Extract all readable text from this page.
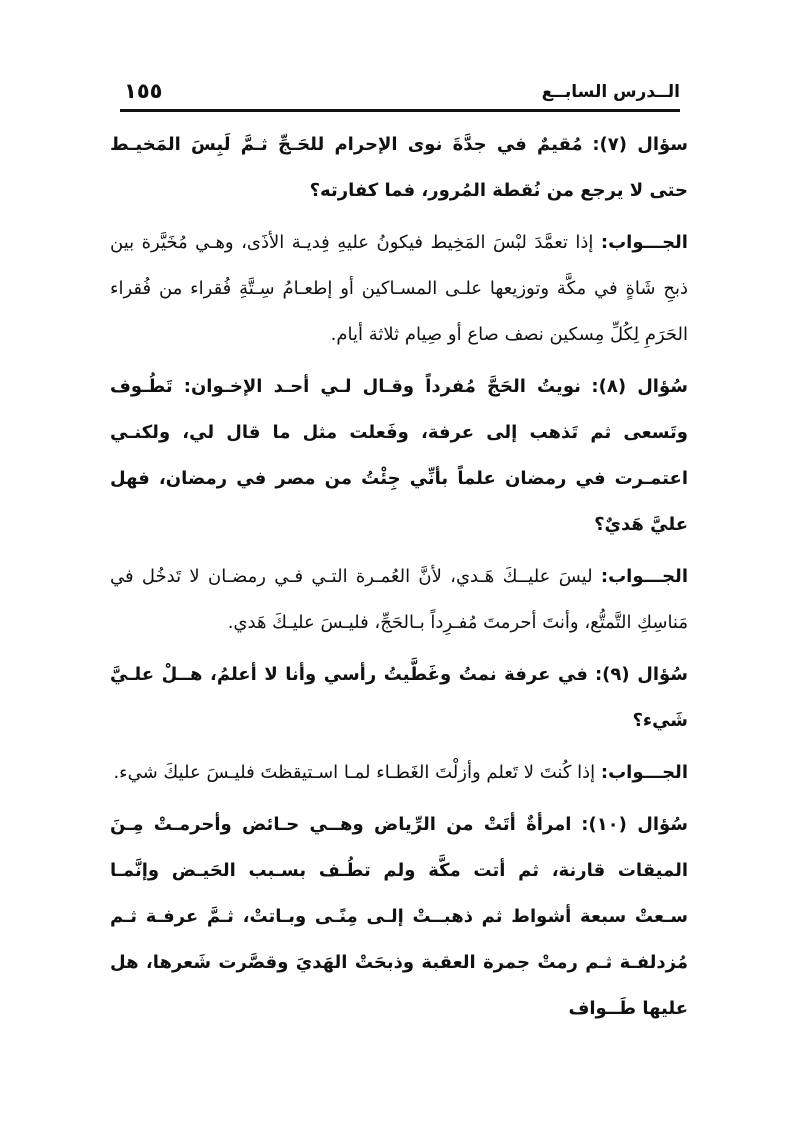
الــدرس السابــع
١٥٥

سؤال (٧): مُقيمٌ في جدَّةَ نوى الإحرام للحَـجِّ ثـمَّ لَبِسَ المَخيـط حتى لا يرجع من نُقطة المُرور، فما كفارته؟

الجـــواب: إذا تعمَّدَ لبْسَ المَخِيط فيكونُ عليهِ فِديـة الأذَى، وهـي مُخَيَّرة بين ذبحِ شَاةٍ في مكَّة وتوزيعها علـى المسـاكين أو إطعـامُ سِـتَّةِ فُقراء من فُقراء الحَرَمِ لِكُلِّ مِسكين نصف صاع أو صِيام ثلاثة أيام.

سُؤال (٨): نويتُ الحَجَّ مُفرداً وقـال لـي أحـد الإخـوان: تَطُـوف وتَسعى ثم تَذهب إلى عرفة، وفَعلت مثل ما قال لي، ولكنـي اعتمـرت في رمضان علماً بأنِّي جِئْتُ من مصر في رمضان، فهل عليَّ هَديٌ؟

الجـــواب: ليسَ عليــكَ هَـدي، لأنَّ العُمـرة التـي فـي رمضـان لا تَدخُل في مَناسِكِ التَّمتُّع، وأنتَ أحرمتَ مُفـرِداً بـالحَجِّ، فليـسَ عليـكَ هَدي.

سُؤال (٩): في عرفة نمتُ وغَطَّيتُ رأسي وأنا لا أعلمُ، هــلْ علـيَّ شَيء؟

الجـــواب: إذا كُنتَ لا تَعلم وأزلْتَ الغَطـاء لمـا اسـتيقظتَ فليـسَ عليكَ شيء.

سُؤال (١٠): امرأةٌ أتَتْ من الرِّياض وهــي حـائض وأحرمـتْ مِـنَ الميقات قارنة، ثم أتت مكَّة ولم تطُـف بسـبب الحَيـض وإنَّمـا سـعتْ سبعة أشواط ثم ذهبــتْ إلـى مِنًـى وبـاتتْ، ثـمَّ عرفـة ثـم مُزدلفـة ثـم رمتْ جمرة العقبة وذبحَتْ الهَديَ وقصَّرت شَعرها، هل عليها طَــواف
